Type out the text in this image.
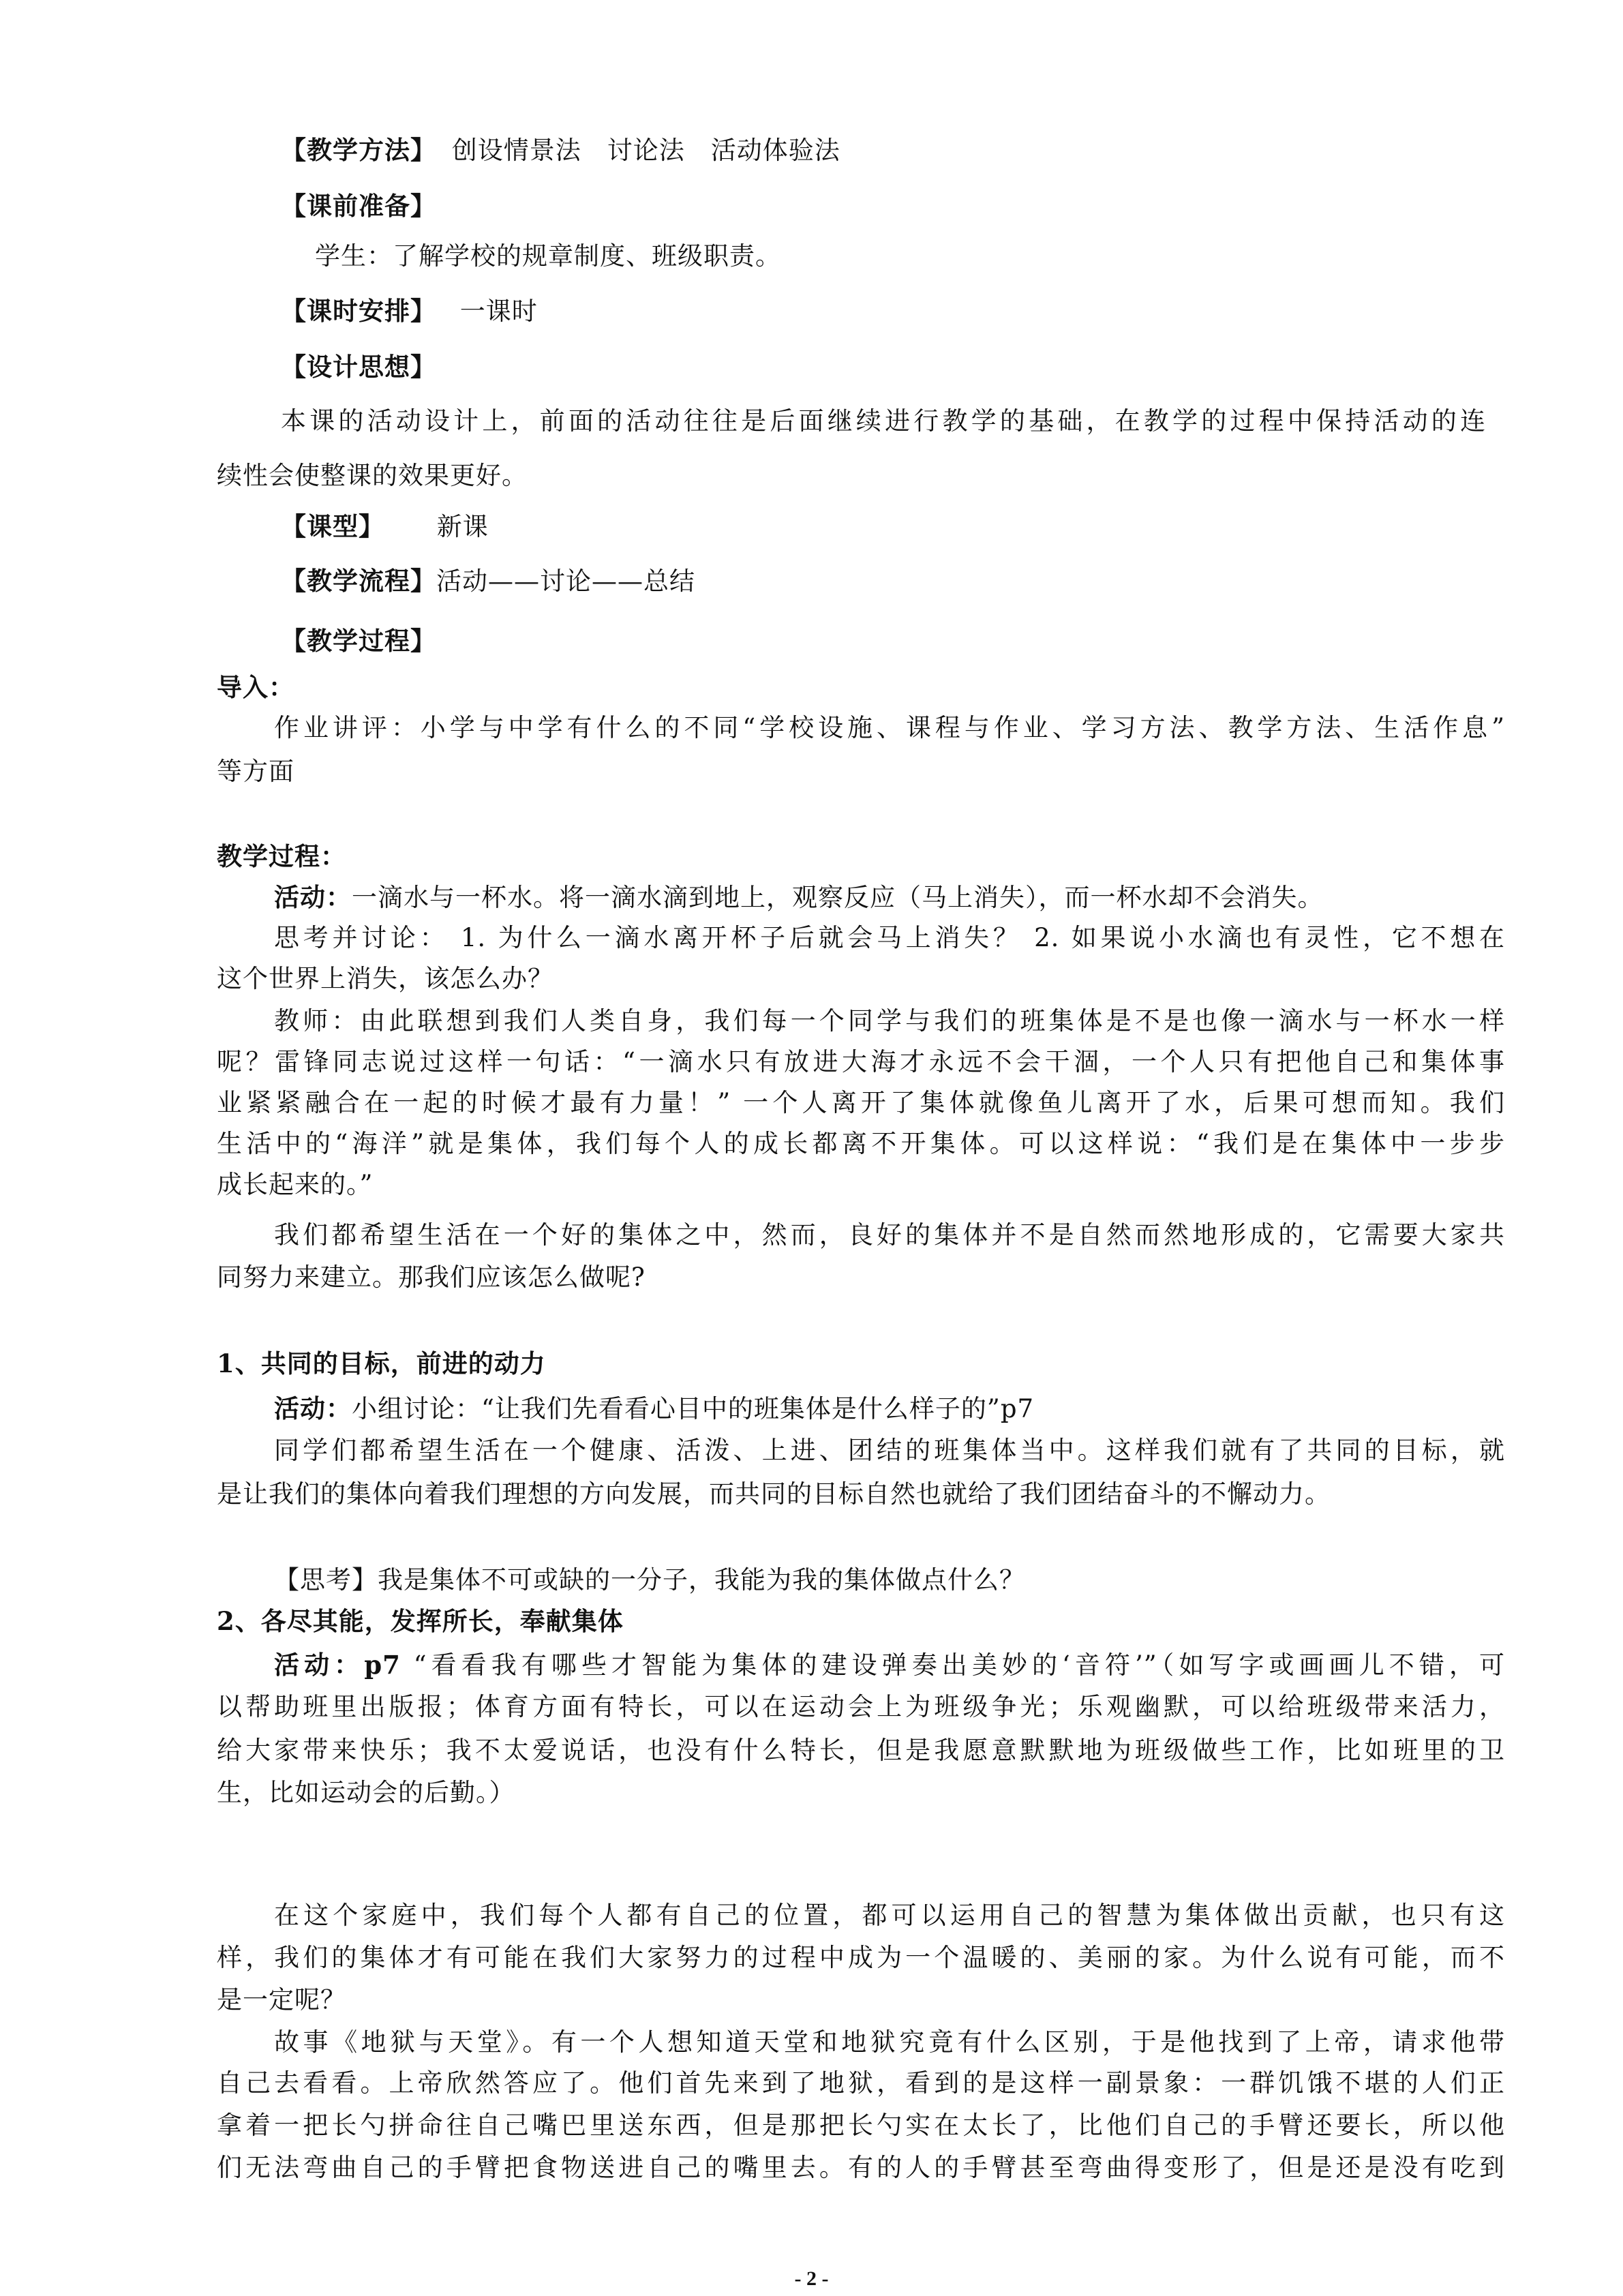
【教学方法】 创设情景法　讨论法　活动体验法
【课前准备】
学生：了解学校的规章制度、班级职责。
【课时安排】 一课时
【设计思想】
本课的活动设计上，前面的活动往往是后面继续进行教学的基础，在教学的过程中保持活动的连
续性会使整课的效果更好。
【课型】 新课
【教学流程】活动——讨论——总结
【教学过程】
导入：
作业讲评：小学与中学有什么的不同“学校设施、课程与作业、学习方法、教学方法、生活作息”
等方面
教学过程：
活动：一滴水与一杯水。将一滴水滴到地上，观察反应（马上消失），而一杯水却不会消失。
思考并讨论： 1. 为什么一滴水离开杯子后就会马上消失？ 2. 如果说小水滴也有灵性，它不想在
这个世界上消失，该怎么办？
教师：由此联想到我们人类自身，我们每一个同学与我们的班集体是不是也像一滴水与一杯水一样
呢？雷锋同志说过这样一句话：“一滴水只有放进大海才永远不会干涸，一个人只有把他自己和集体事
业紧紧融合在一起的时候才最有力量！” 一个人离开了集体就像鱼儿离开了水，后果可想而知。我们
生活中的“海洋”就是集体，我们每个人的成长都离不开集体。可以这样说：“我们是在集体中一步步
成长起来的。”
我们都希望生活在一个好的集体之中，然而，良好的集体并不是自然而然地形成的，它需要大家共
同努力来建立。那我们应该怎么做呢?
1、共同的目标，前进的动力
活动：小组讨论：“让我们先看看心目中的班集体是什么样子的”p7
同学们都希望生活在一个健康、活泼、上进、团结的班集体当中。这样我们就有了共同的目标，就
是让我们的集体向着我们理想的方向发展，而共同的目标自然也就给了我们团结奋斗的不懈动力。
【思考】我是集体不可或缺的一分子，我能为我的集体做点什么？
2、各尽其能，发挥所长，奉献集体
活动：p7 “看看我有哪些才智能为集体的建设弹奏出美妙的‘音符’”（如写字或画画儿不错，可
以帮助班里出版报；体育方面有特长，可以在运动会上为班级争光；乐观幽默，可以给班级带来活力，
给大家带来快乐；我不太爱说话，也没有什么特长，但是我愿意默默地为班级做些工作，比如班里的卫
生，比如运动会的后勤。）
在这个家庭中，我们每个人都有自己的位置，都可以运用自己的智慧为集体做出贡献，也只有这
样，我们的集体才有可能在我们大家努力的过程中成为一个温暖的、美丽的家。为什么说有可能，而不
是一定呢？
故事《地狱与天堂》。有一个人想知道天堂和地狱究竟有什么区别，于是他找到了上帝，请求他带
自己去看看。上帝欣然答应了。他们首先来到了地狱，看到的是这样一副景象：一群饥饿不堪的人们正
拿着一把长勺拼命往自己嘴巴里送东西，但是那把长勺实在太长了，比他们自己的手臂还要长，所以他
们无法弯曲自己的手臂把食物送进自己的嘴里去。有的人的手臂甚至弯曲得变形了，但是还是没有吃到
- 2 -
